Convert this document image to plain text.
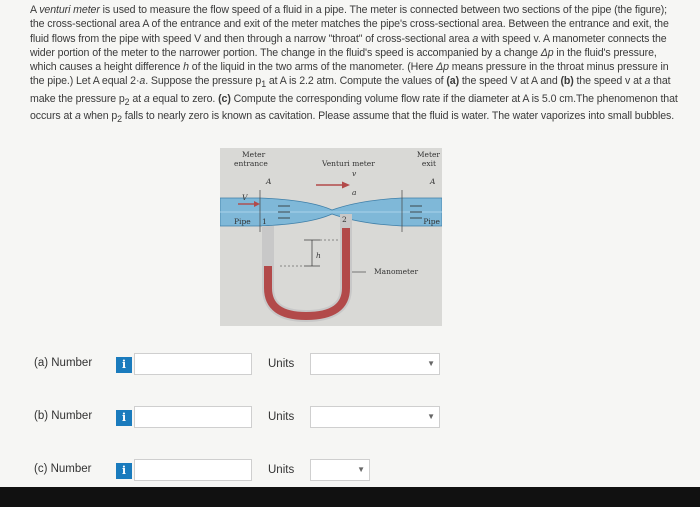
A venturi meter is used to measure the flow speed of a fluid in a pipe. The meter is connected between two sections of the pipe (the figure); the cross-sectional area A of the entrance and exit of the meter matches the pipe's cross-sectional area. Between the entrance and exit, the fluid flows from the pipe with speed V and then through a narrow "throat" of cross-sectional area a with speed v. A manometer connects the wider portion of the meter to the narrower portion. The change in the fluid's speed is accompanied by a change Δp in the fluid's pressure, which causes a height difference h of the liquid in the two arms of the manometer. (Here Δp means pressure in the throat minus pressure in the pipe.) Let A equal 2·a. Suppose the pressure $p_1$ at A is 2.2 atm. Compute the values of (a) the speed V at A and (b) the speed v at a that make the pressure $p_2$ at a equal to zero. (c) Compute the corresponding volume flow rate if the diameter at A is 5.0 cm.The phenomenon that occurs at a when $p_2$ falls to nearly zero is known as cavitation. Please assume that the fluid is water. The water vaporizes into small bubbles.

Meter
entrance	Venturi meter
Meter
exit
A	A
V
v
a
Pipe 1	2
h
Manometer
Pipe
(a) Number	i	Units	▼
(b) Number	i	Units	▼
(c) Number	i	Units	▼
